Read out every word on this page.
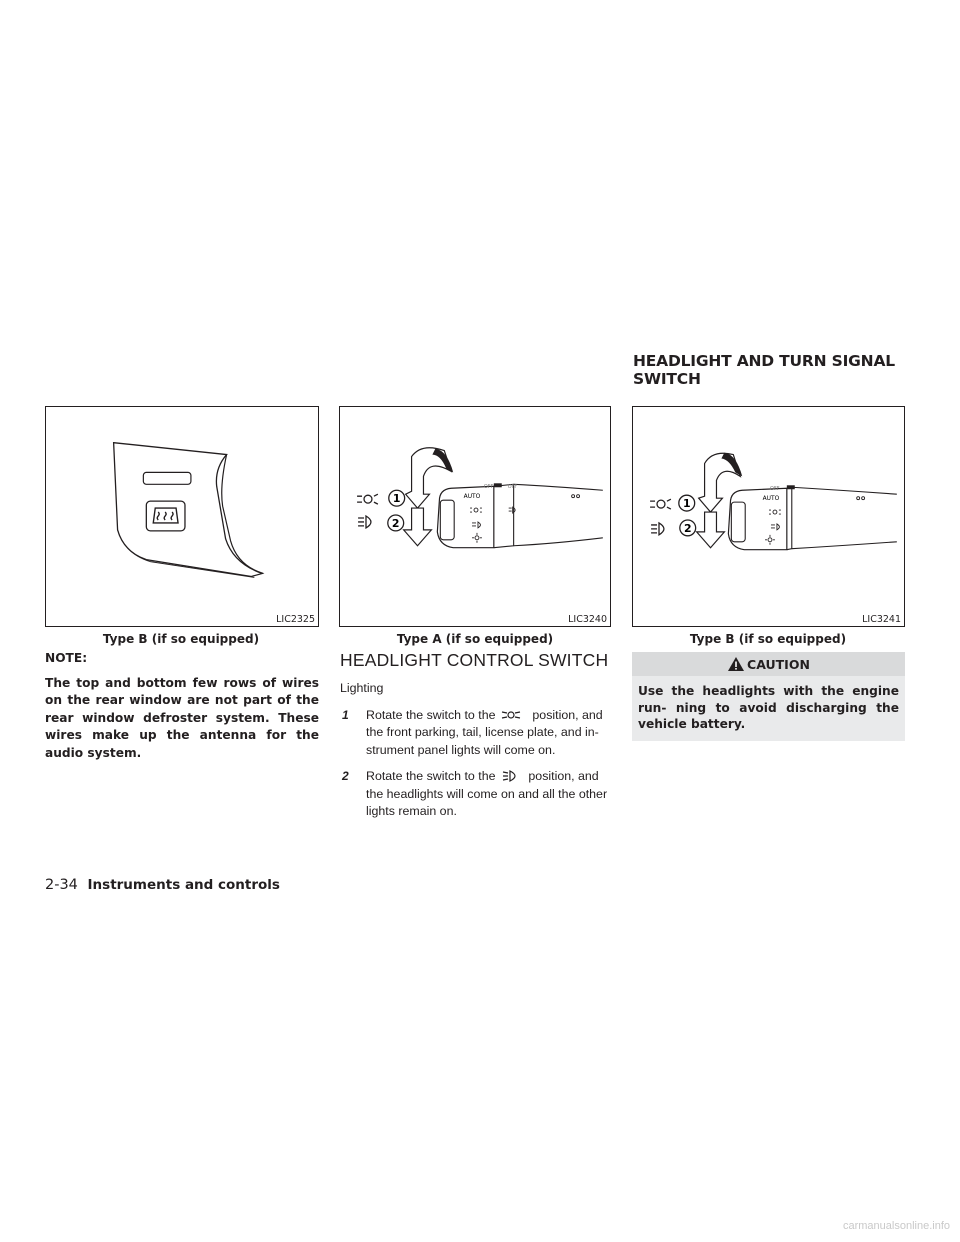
HEADLIGHT AND TURN SIGNAL
SWITCH
LIC2325
Type B (if so equipped)
1
2
AUTO
OFF	OFF
LIC3240
Type A (if so equipped)
1
2
AUTO
OFF
LIC3241
Type B (if so equipped)
NOTE:
The top and bottom few rows of wires on the rear window are not part of the rear window defroster system. These wires make up the antenna for the audio system.
HEADLIGHT CONTROL SWITCH
Lighting
1	Rotate the switch to the	position, and the front parking, tail, license plate, and in- strument panel lights will come on.
2	Rotate the switch to the	position, and the headlights will come on and all the other lights remain on.
CAUTION
Use the headlights with the engine run- ning to avoid discharging the vehicle battery.
2-34 Instruments and controls
carmanualsonline.info
